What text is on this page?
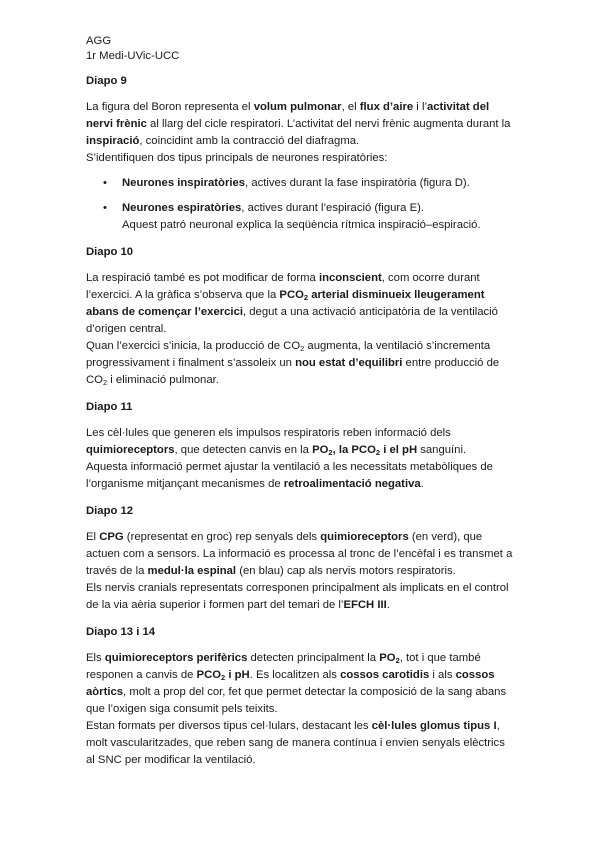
AGG
1r Medi-UVic-UCC
Diapo 9

La figura del Boron representa el volum pulmonar, el flux d’aire i l’activitat del nervi frènic al llarg del cicle respiratori. L’activitat del nervi frènic augmenta durant la inspiració, coincidint amb la contracció del diafragma.
S’identifiquen dos tipus principals de neurones respiratòries:

• Neurones inspiratòries, actives durant la fase inspiratòria (figura D).
• Neurones espiratòries, actives durant l’espiració (figura E).
Aquest patró neuronal explica la seqüència rítmica inspiració–espiració.
Diapo 10

La respiració també es pot modificar de forma inconscient, com ocorre durant l’exercici. A la gràfica s’observa que la $PCO_2$ arterial disminueix lleugerament abans de començar l’exercici, degut a una activació anticipatòria de la ventilació d’origen central.
Quan l’exercici s’inicia, la producció de $CO_2$ augmenta, la ventilació s’incrementa progressivament i finalment s’assoleix un nou estat d’equilibri entre producció de $CO_2$ i eliminació pulmonar.

Diapo 11

Les cèl·lules que generen els impulsos respiratoris reben informació dels quimioreceptors, que detecten canvis en la $PO_2$, la $PCO_2$ i el pH sanguíni.
Aquesta informació permet ajustar la ventilació a les necessitats metabòliques de l’organisme mitjançant mecanismes de retroalimentació negativa.

Diapo 12

El CPG (representat en groc) rep senyals dels quimioreceptors (en verd), que actuen com a sensors. La informació es processa al tronc de l’encèfal i es transmet a través de la medul·la espinal (en blau) cap als nervis motors respiratoris.
Els nervis cranials representats corresponen principalment als implicats en el control de la via aèria superior i formen part del temari de l’EFCH III.

Diapo 13 i 14

Els quimioreceptors perifèrics detecten principalment la $PO_2$, tot i que també responen a canvis de $PCO_2$ i pH. Es localitzen als cossos carotidis i als cossos aòrtics, molt a prop del cor, fet que permet detectar la composició de la sang abans que l’oxigen siga consumit pels teixits.
Estan formats per diversos tipus cel·lulars, destacant les cèl·lules glomus tipus I, molt vascularitzades, que reben sang de manera contínua i envien senyals elèctrics al SNC per modificar la ventilació.
